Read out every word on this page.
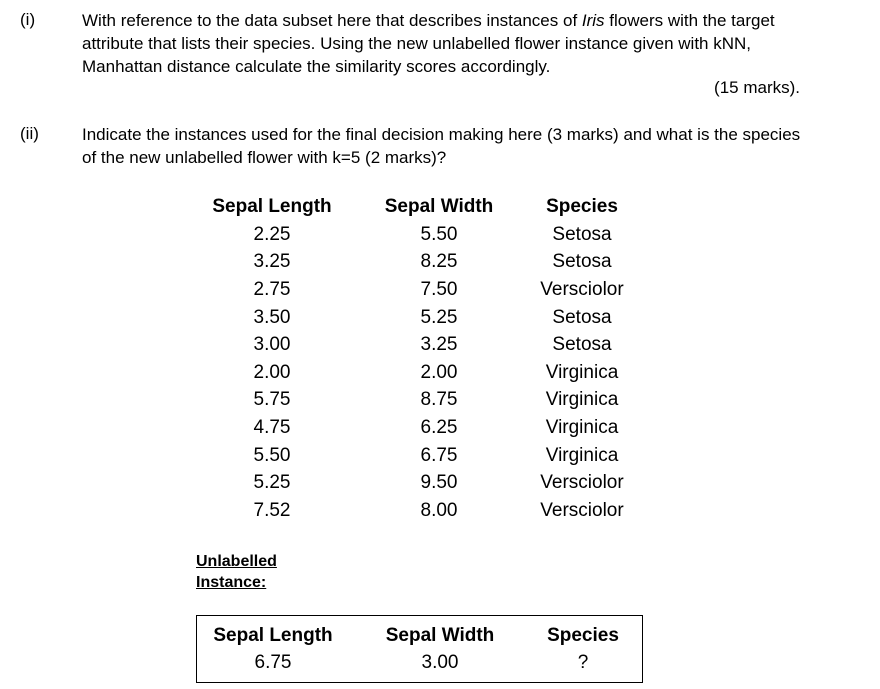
(i)	With reference to the data subset here that describes instances of Iris flowers with the target attribute that lists their species. Using the new unlabelled flower instance given with kNN, Manhattan distance calculate the similarity scores accordingly.
(15 marks).
(ii)	Indicate the instances used for the final decision making here (3 marks) and what is the species of the new unlabelled flower with k=5 (2 marks)?
Sepal Length	Sepal Width	Species
2.25	5.50	Setosa
3.25	8.25	Setosa
2.75	7.50	Versciolor
3.50	5.25	Setosa
3.00	3.25	Setosa
2.00	2.00	Virginica
5.75	8.75	Virginica
4.75	6.25	Virginica
5.50	6.75	Virginica
5.25	9.50	Versciolor
7.52	8.00	Versciolor
Unlabelled
Instance:
Sepal Length	Sepal Width	Species
6.75	3.00	?
